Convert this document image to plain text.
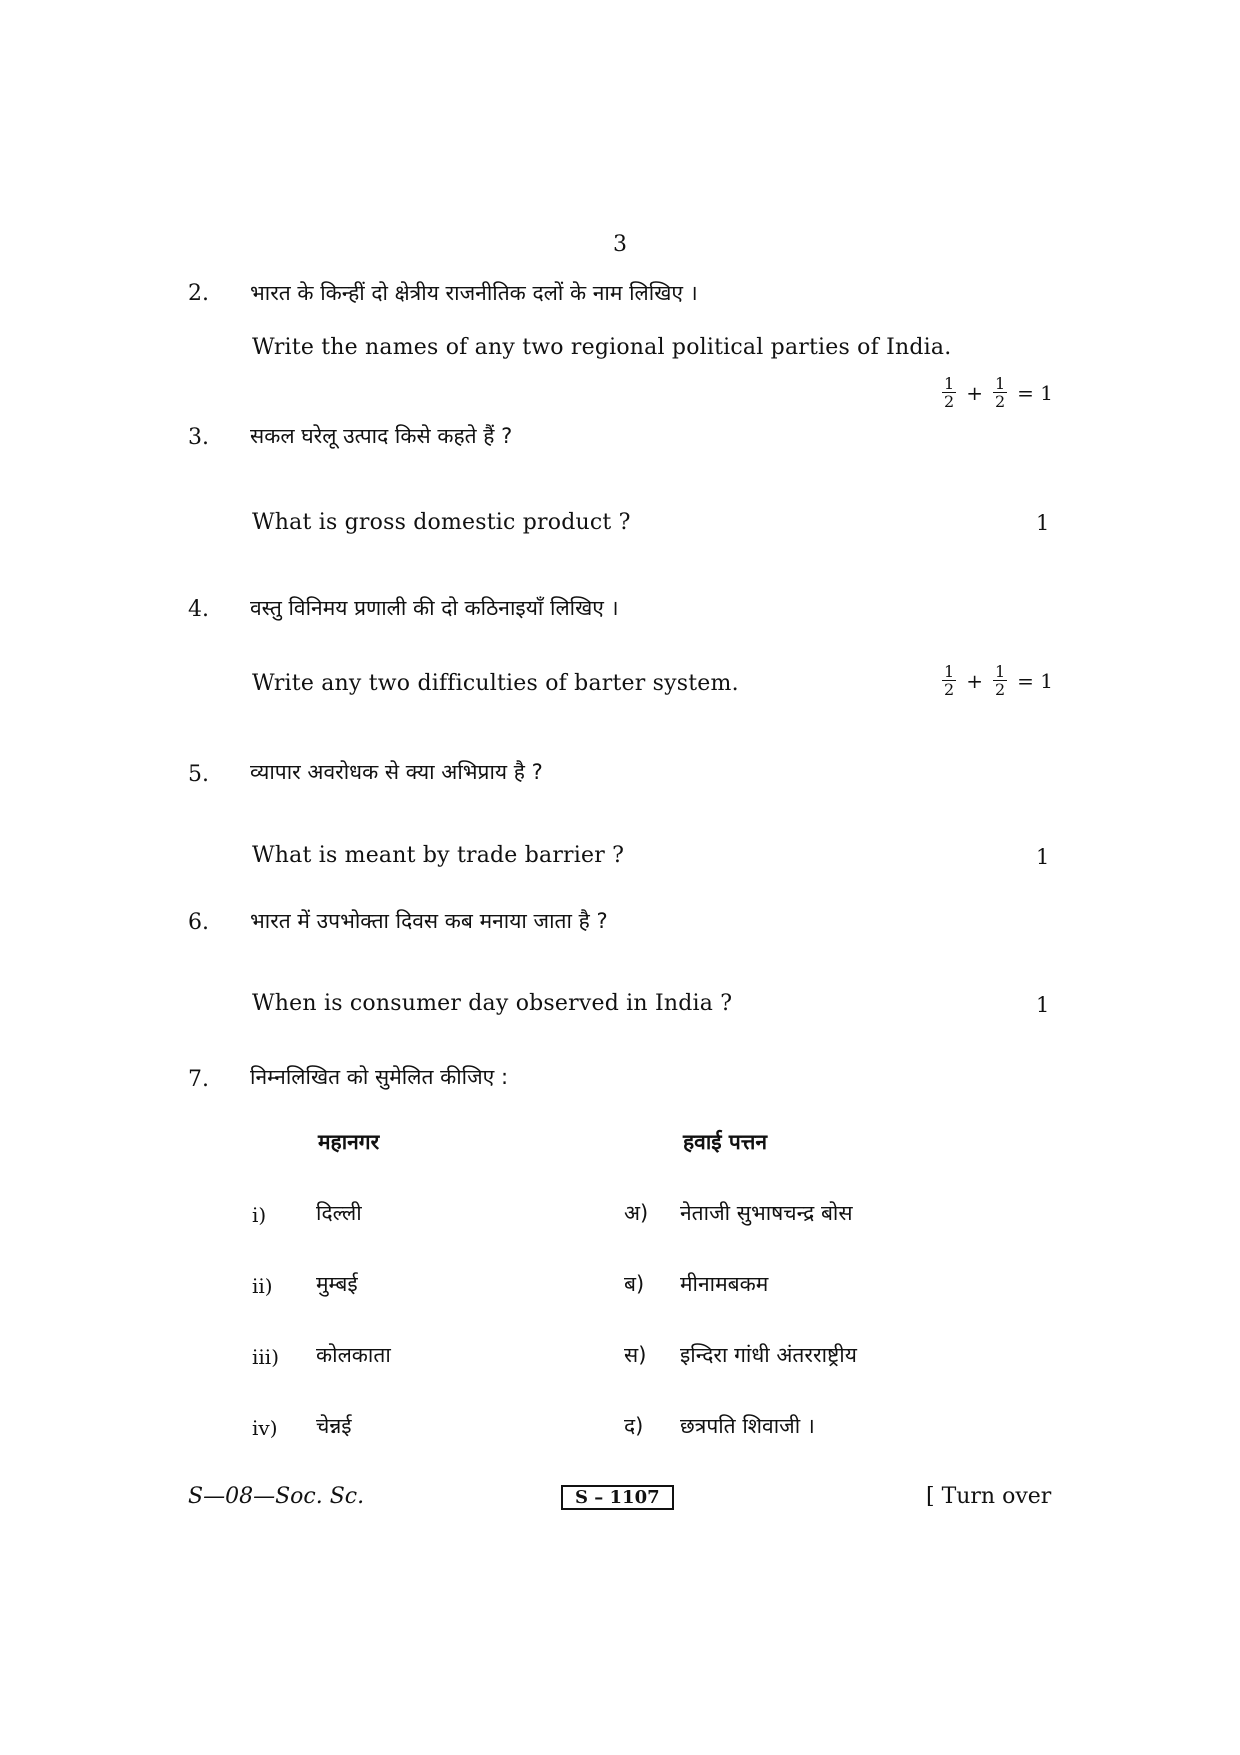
3
2. भारत के किन्हीं दो क्षेत्रीय राजनीतिक दलों के नाम लिखिए ।
Write the names of any two regional political parties of India.
$\frac{1}{2} + \frac{1}{2} = 1$
3. सकल घरेलू उत्पाद किसे कहते हैं ?
What is gross domestic product ?	1
4. वस्तु विनिमय प्रणाली की दो कठिनाइयाँ लिखिए ।
Write any two difficulties of barter system.	$\frac{1}{2} + \frac{1}{2} = 1$
5. व्यापार अवरोधक से क्या अभिप्राय है ?
What is meant by trade barrier ?	1
6. भारत में उपभोक्ता दिवस कब मनाया जाता है ?
When is consumer day observed in India ?	1
7. निम्नलिखित को सुमेलित कीजिए :
महानगर	हवाई पत्तन
i) दिल्ली	अ) नेताजी सुभाषचन्द्र बोस
ii) मुम्बई	ब) मीनामबकम
iii) कोलकाता	स) इन्दिरा गांधी अंतरराष्ट्रीय
iv) चेन्नई	द) छत्रपति शिवाजी ।
S—08—Soc. Sc.	S – 1107	[ Turn over
